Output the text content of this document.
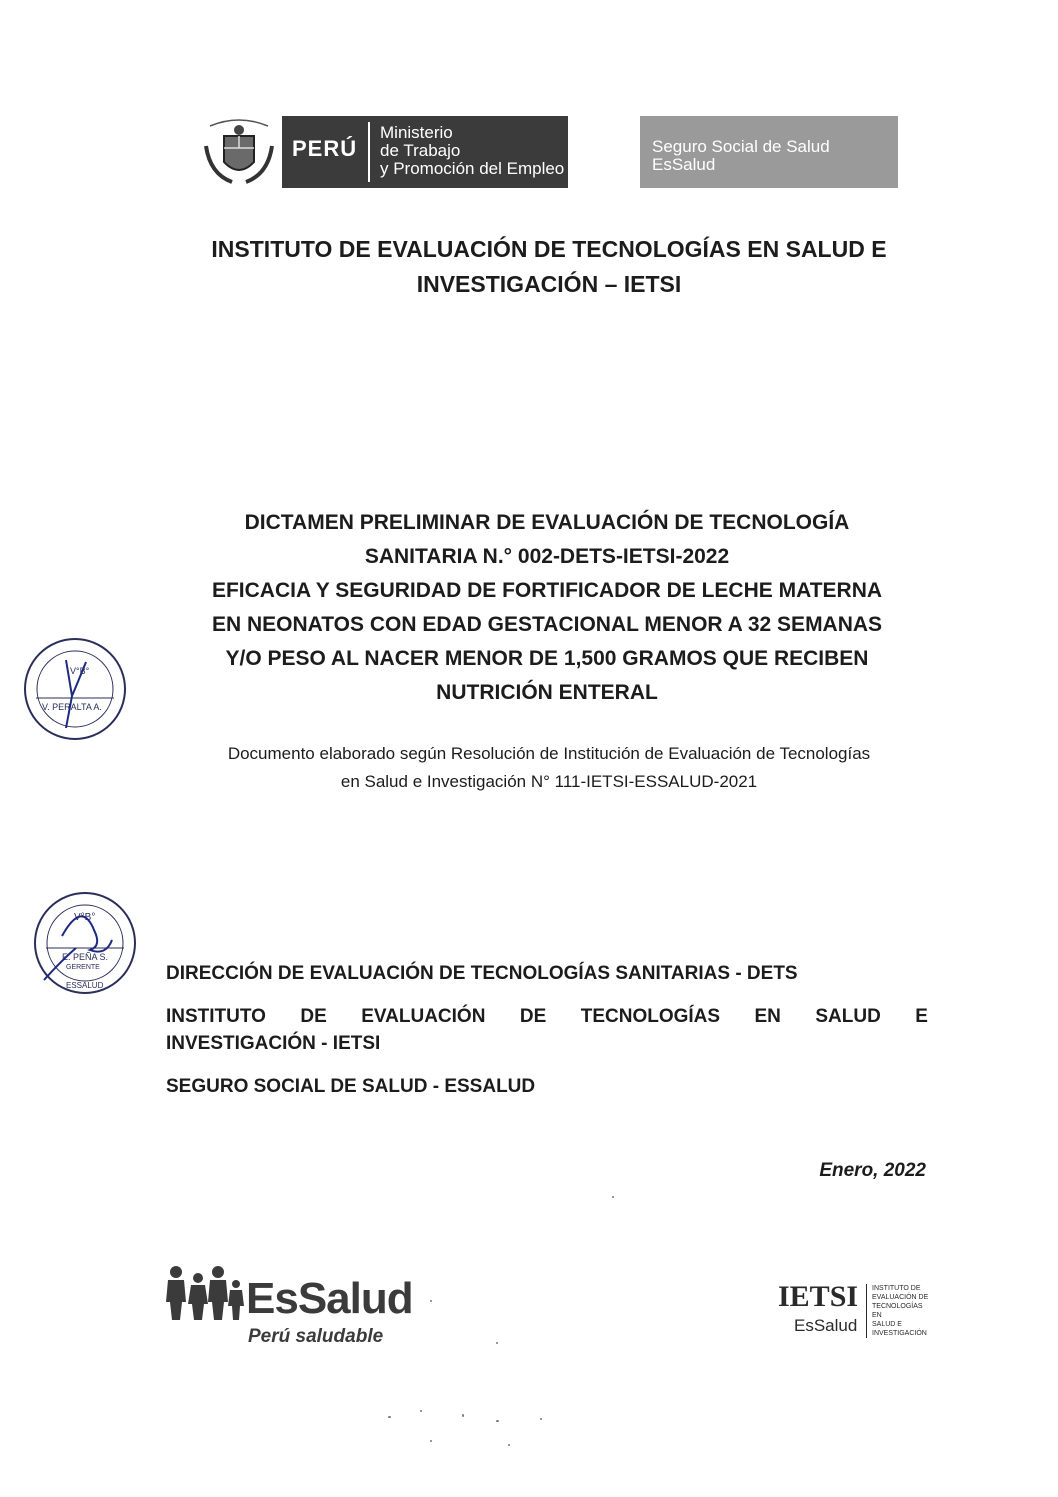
PERÚ
Ministerio
de Trabajo
y Promoción del Empleo
Seguro Social de Salud
EsSalud
INSTITUTO DE EVALUACIÓN DE TECNOLOGÍAS EN SALUD E
INVESTIGACIÓN – IETSI
DICTAMEN PRELIMINAR DE EVALUACIÓN DE TECNOLOGÍA
SANITARIA N.° 002-DETS-IETSI-2022
EFICACIA Y SEGURIDAD DE FORTIFICADOR DE LECHE MATERNA
EN NEONATOS CON EDAD GESTACIONAL MENOR A 32 SEMANAS
Y/O PESO AL NACER MENOR DE 1,500 GRAMOS QUE RECIBEN
NUTRICIÓN ENTERAL
Documento elaborado según Resolución de Institución de Evaluación de Tecnologías
en Salud e Investigación N° 111-IETSI-ESSALUD-2021
V°B°
V. PERALTA A.
V°B°
E. PEÑA S.
GERENTE
ESSALUD
DIRECCIÓN DE EVALUACIÓN DE TECNOLOGÍAS SANITARIAS - DETS
INSTITUTO DE EVALUACIÓN DE TECNOLOGÍAS EN SALUD E
INVESTIGACIÓN - IETSI
SEGURO SOCIAL DE SALUD - ESSALUD
Enero, 2022
EsSalud
Perú saludable
IETSI
EsSalud
INSTITUTO DE
EVALUACIÓN DE
TECNOLOGÍAS EN
SALUD E
INVESTIGACIÓN
